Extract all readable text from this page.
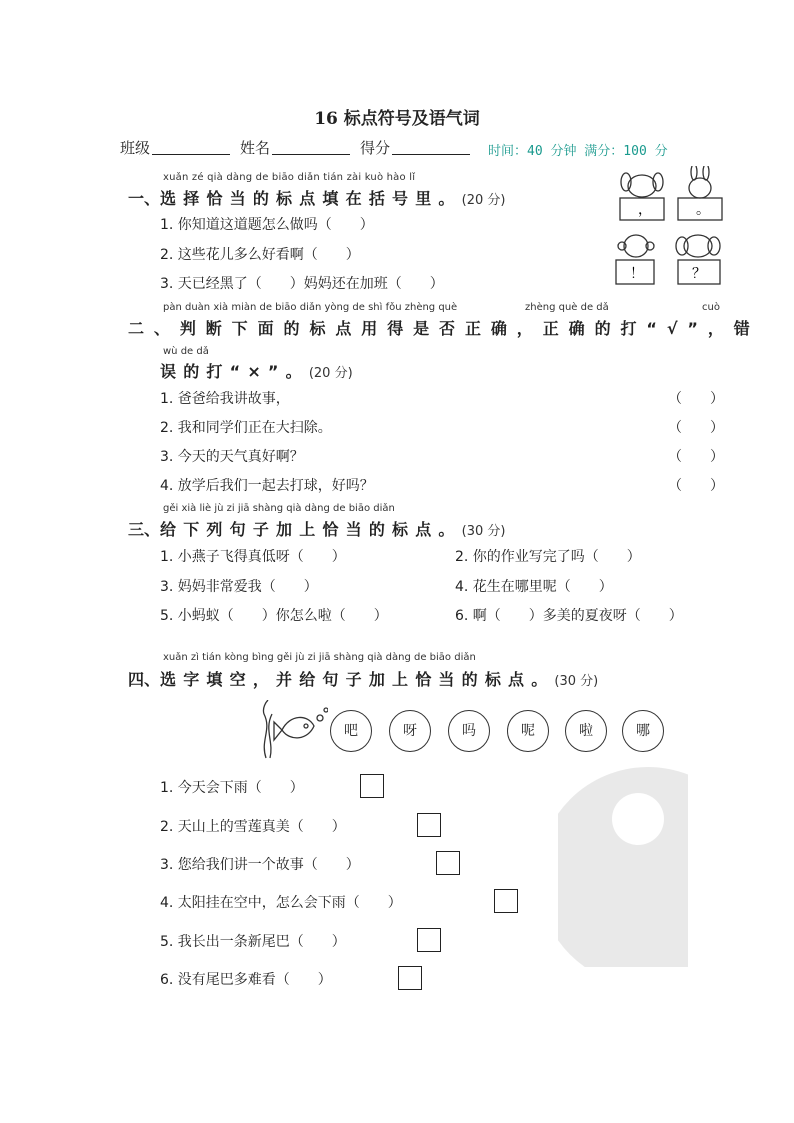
16 标点符号及语气词
班级	姓名	得分	时间：40 分钟 满分：100 分
xuǎn zé qià dàng de biāo diǎn tián zài kuò hào lǐ
一、选择恰当的标点填在括号里。(20 分)
1. 你知道这道题怎么做吗（　　）
2. 这些花儿多么好看啊（　　）
3. 天已经黑了（　　）妈妈还在加班（　　）
，	。
！	？
pàn duàn xià miàn de biāo diǎn yòng de shì fǒu zhèng què	zhèng què de dǎ	cuò
二、判断下面的标点用得是否正确，正确的打“√”，错
wù de dǎ
误的打“×”。(20 分)
1. 爸爸给我讲故事，	（　　）
2. 我和同学们正在大扫除。	（　　）
3. 今天的天气真好啊？	（　　）
4. 放学后我们一起去打球，好吗？	（　　）
gěi xià liè jù zi jiā shàng qià dàng de biāo diǎn
三、给下列句子加上恰当的标点。(30 分)
1. 小燕子飞得真低呀（　　）	2. 你的作业写完了吗（　　）
3. 妈妈非常爱我（　　）	4. 花生在哪里呢（　　）
5. 小蚂蚁（　　）你怎么啦（　　）	6. 啊（　　）多美的夏夜呀（　　）
xuǎn zì tián kòng bìng gěi jù zi jiā shàng qià dàng de biāo diǎn
四、选字填空，并给句子加上恰当的标点。(30 分)
吧	呀	吗	呢	啦	哪
1. 今天会下雨（　　）
2. 天山上的雪莲真美（　　）
3. 您给我们讲一个故事（　　）
4. 太阳挂在空中，怎么会下雨（　　）
5. 我长出一条新尾巴（　　）
6. 没有尾巴多难看（　　）
